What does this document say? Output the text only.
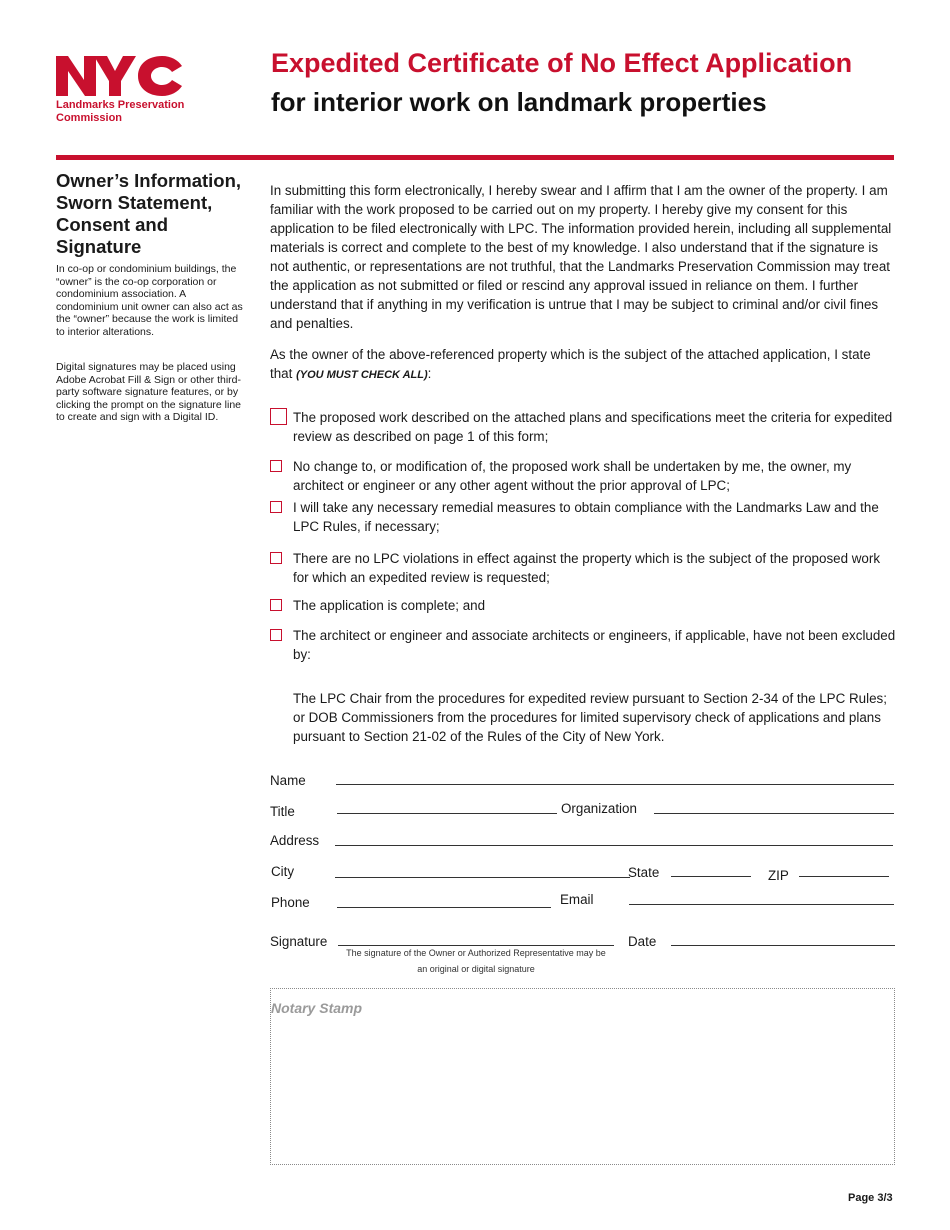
Landmarks Preservation
Commission
Expedited Certificate of No Effect Application
for interior work on landmark properties
Owner’s Information, Sworn Statement, Consent and Signature
In co-op or condominium buildings, the “owner” is the co-op corporation or condominium association. A condominium unit owner can also act as the “owner” because the work is limited to interior alterations.
Digital signatures may be placed using Adobe Acrobat Fill & Sign or other third-party software signature features, or by clicking the prompt on the signature line to create and sign with a Digital ID.
In submitting this form electronically, I hereby swear and I affirm that I am the owner of the property. I am familiar with the work proposed to be carried out on my property. I hereby give my consent for this application to be filed electronically with LPC. The information provided herein, including all supplemental materials is correct and complete to the best of my knowledge. I also understand that if the signature is not authentic, or representations are not truthful, that the Landmarks Preservation Commission may treat the application as not submitted or filed or rescind any approval issued in reliance on them. I further understand that if anything in my verification is untrue that I may be subject to criminal and/or civil fines and penalties.
As the owner of the above-referenced property which is the subject of the attached application, I state that (YOU MUST CHECK ALL):
The proposed work described on the attached plans and specifications meet the criteria for expedited review as described on page 1 of this form;
No change to, or modification of, the proposed work shall be undertaken by me, the owner, my architect or engineer or any other agent without the prior approval of LPC;
I will take any necessary remedial measures to obtain compliance with the Landmarks Law and the LPC Rules, if necessary;
There are no LPC violations in effect against the property which is the subject of the proposed work for which an expedited review is requested;
The application is complete; and
The architect or engineer and associate architects or engineers, if applicable, have not been excluded by:
The LPC Chair from the procedures for expedited review pursuant to Section 2-34 of the LPC Rules; or DOB Commissioners from the procedures for limited supervisory check of applications and plans pursuant to Section 21-02 of the Rules of the City of New York.
Name
Title	Organization
Address
City	State	ZIP
Phone	Email
Signature	Date
The signature of the Owner or Authorized Representative may be
an original or digital signature
Notary Stamp
Page 3/3
